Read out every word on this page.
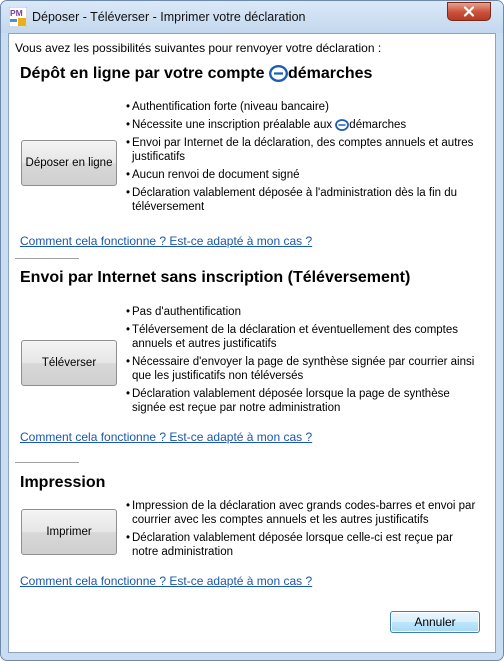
PM Déposer - Téléverser - Imprimer votre déclaration
Vous avez les possibilités suivantes pour renvoyer votre déclaration :
Dépôt en ligne par votre compte démarches
• Authentification forte (niveau bancaire)
• Nécessite une inscription préalable aux démarches
• Envoi par Internet de la déclaration, des comptes annuels et autres justificatifs
• Aucun renvoi de document signé
• Déclaration valablement déposée à l'administration dès la fin du téléversement
Déposer en ligne
Comment cela fonctionne ? Est-ce adapté à mon cas ?
Envoi par Internet sans inscription (Téléversement)
• Pas d'authentification
• Téléversement de la déclaration et éventuellement des comptes annuels et autres justificatifs
• Nécessaire d'envoyer la page de synthèse signée par courrier ainsi que les justificatifs non téléversés
• Déclaration valablement déposée lorsque la page de synthèse signée est reçue par notre administration
Téléverser
Comment cela fonctionne ? Est-ce adapté à mon cas ?
Impression
• Impression de la déclaration avec grands codes-barres et envoi par courrier avec les comptes annuels et les autres justificatifs
• Déclaration valablement déposée lorsque celle-ci est reçue par notre administration
Imprimer
Comment cela fonctionne ? Est-ce adapté à mon cas ?
Annuler
